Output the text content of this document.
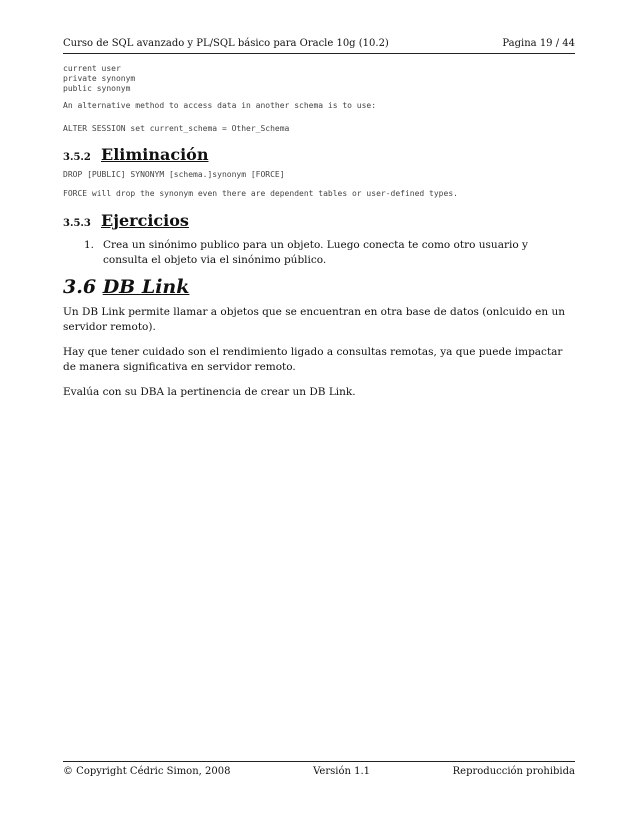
Curso de SQL avanzado y PL/SQL básico para Oracle 10g (10.2)	Pagina 19 / 44
current user
private synonym
public synonym
An alternative method to access data in another schema is to use:
ALTER SESSION set current_schema = Other_Schema
3.5.2 Eliminación
DROP [PUBLIC] SYNONYM [schema.]synonym [FORCE]
FORCE will drop the synonym even there are dependent tables or user-defined types.
3.5.3 Ejercicios
1. Crea un sinónimo publico para un objeto. Luego conecta te como otro usuario y consulta el objeto via el sinónimo público.
3.6 DB Link
Un DB Link permite llamar a objetos que se encuentran en otra base de datos (onlcuido en un servidor remoto).
Hay que tener cuidado son el rendimiento ligado a consultas remotas, ya que puede impactar de manera significativa en servidor remoto.
Evalúa con su DBA la pertinencia de crear un DB Link.
© Copyright Cédric Simon, 2008	Versión 1.1	Reproducción prohibida
